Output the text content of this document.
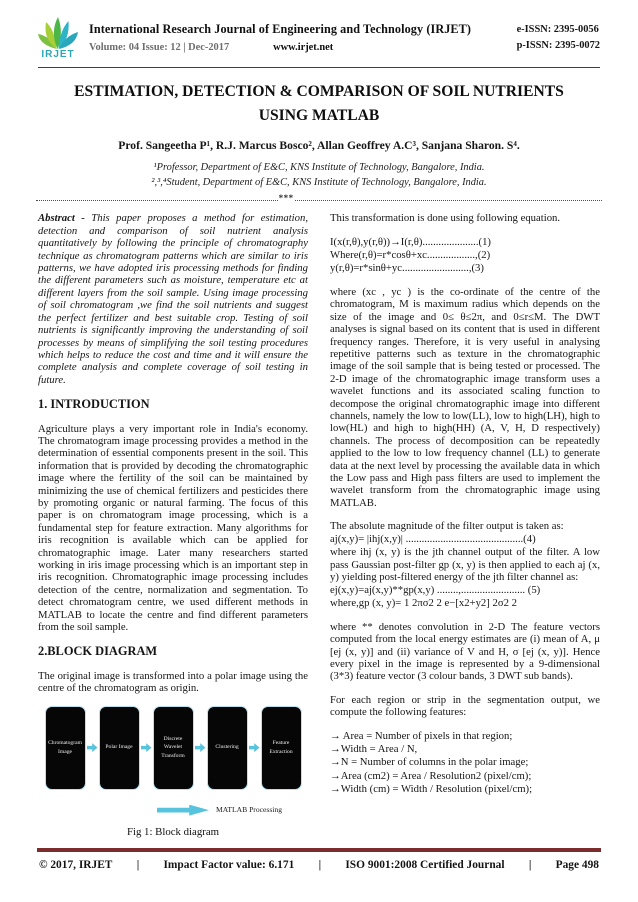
IRJET
International Research Journal of Engineering and Technology (IRJET)
Volume: 04 Issue: 12 | Dec-2017	www.irjet.net
e-ISSN: 2395-0056
p-ISSN: 2395-0072
ESTIMATION, DETECTION & COMPARISON OF SOIL NUTRIENTS USING MATLAB
Prof. Sangeetha P¹, R.J. Marcus Bosco², Allan Geoffrey A.C³, Sanjana Sharon. S⁴.
¹Professor, Department of E&C, KNS Institute of Technology, Bangalore, India.
²,³,⁴Student, Department of E&C, KNS Institute of Technology, Bangalore, India.
***

Abstract - This paper proposes a method for estimation, detection and comparison of soil nutrient analysis quantitatively by following the principle of chromatography technique as chromatogram patterns which are similar to iris patterns, we have adopted iris processing methods for finding the different parameters such as moisture, temperature etc at different layers from the soil sample. Using image processing of soil chromatogram ,we find the soil nutrients and suggest the perfect fertilizer and best suitable crop. Testing of soil nutrients is significantly improving the understanding of soil processes by means of simplifying the soil testing procedures which helps to reduce the cost and time and it will ensure the complete analysis and complete coverage of soil testing in future.

1. INTRODUCTION

Agriculture plays a very important role in India's economy. The chromatogram image processing provides a method in the determination of essential components present in the soil. This information that is provided by decoding the chromatographic image where the fertility of the soil can be maintained by minimizing the use of chemical fertilizers and pesticides there by promoting organic or natural farming. The focus of this paper is on chromatogram image processing, which is a fundamental step for feature extraction. Many algorithms for iris recognition is available which can be applied for chromatographic image. Later many researchers started working in iris image processing which is an important step in iris recognition. Chromatographic image processing includes detection of the centre, normalization and segmentation. To detect chromatogram centre, we used different methods in MATLAB to locate the centre and find different parameters from the soil sample.

2.BLOCK DIAGRAM

The original image is transformed into a polar image using the centre of the chromatogram as origin.

Chromatogram Image
Polar Image
Discrete Wavelet Transform
Clustering
Feature Extraction
MATLAB Processing
Fig 1: Block diagram

This transformation is done using following equation.

I(x(r,θ),y(r,θ))→I(r,θ).....................(1)
Where(r,θ)=r*cosθ+xc..................,(2)
y(r,θ)=r*sinθ+yc.........................,(3)

where (xc , yc ) is the co-ordinate of the centre of the chromatogram, M is maximum radius which depends on the size of the image and 0≤ θ≤2π, and 0≤r≤M. The DWT analyses is signal based on its content that is used in different frequency ranges. Therefore, it is very useful in analysing repetitive patterns such as texture in the chromatographic image of the soil sample that is being tested or processed. The 2-D image of the chromatographic image transform uses a wavelet functions and its associated scaling function to decompose the original chromatographic image into different channels, namely the low to low(LL), low to high(LH), high to low(HL) and high to high(HH) (A, V, H, D respectively) channels. The process of decomposition can be repeatedly applied to the low to low frequency channel (LL) to generate data at the next level by processing the available data in which the Low pass and High pass filters are used to implement the wavelet transform from the chromatographic image using MATLAB.

The absolute magnitude of the filter output is taken as:
aj(x,y)= |ihj(x,y)| ............................................(4)
where ihj (x, y) is the jth channel output of the filter. A low pass Gaussian post-filter gp (x, y) is then applied to each aj (x, y) yielding post-filtered energy of the jth filter channel as:
ej(x,y)=aj(x,y)**gp(x,y) ........,........................ (5)
where,gp (x, y)= 1 2πσ2 2 e−[x2+y2] 2σ2 2

where ** denotes convolution in 2-D The feature vectors computed from the local energy estimates are (i) mean of A, μ [ej (x, y)] and (ii) variance of V and H, σ [ej (x, y)]. Hence every pixel in the image is represented by a 9-dimensional (3*3) feature vector (3 colour bands, 3 DWT sub bands).

For each region or strip in the segmentation output, we compute the following features:

→ Area = Number of pixels in that region;
→Width = Area / N,
→N = Number of columns in the polar image;
→Area (cm2) = Area / Resolution2 (pixel/cm);
→Width (cm) = Width / Resolution (pixel/cm);
© 2017, IRJET | Impact Factor value: 6.171 | ISO 9001:2008 Certified Journal | Page 498
